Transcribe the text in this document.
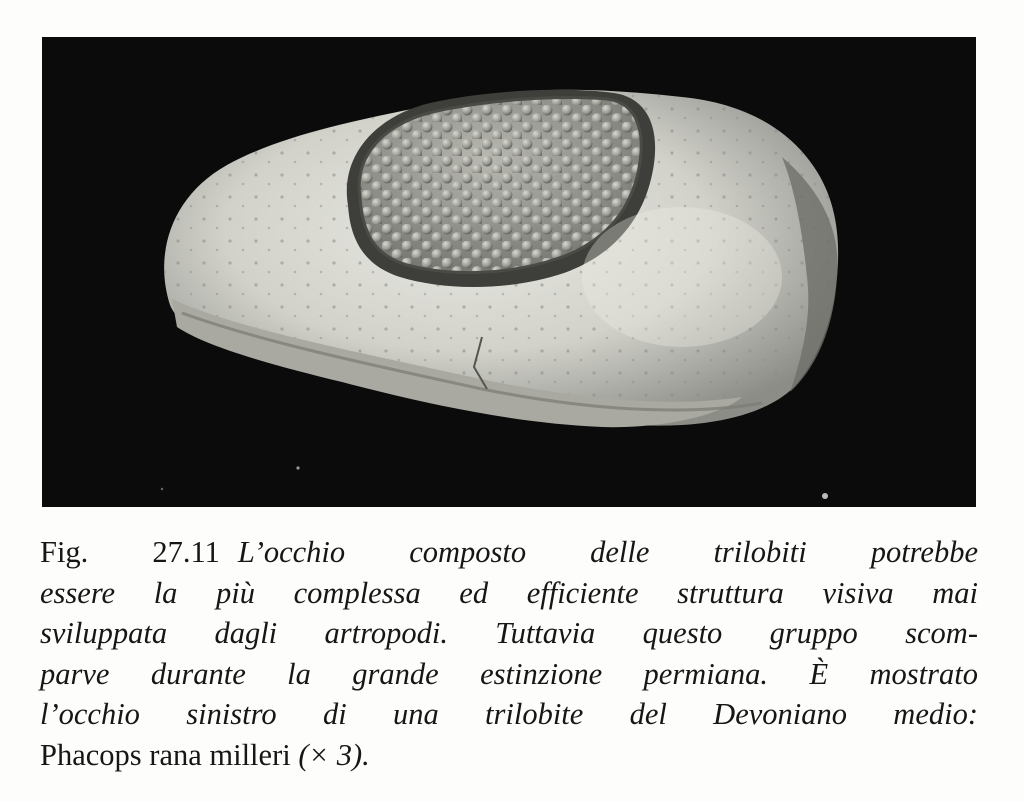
Fig. 27.11 L’occhio composto delle trilobiti potrebbe
essere la più complessa ed efficiente struttura visiva mai
sviluppata dagli artropodi. Tuttavia questo gruppo scom-
parve durante la grande estinzione permiana. È mostrato
l’occhio sinistro di una trilobite del Devoniano medio:
Phacops rana milleri (× 3).
